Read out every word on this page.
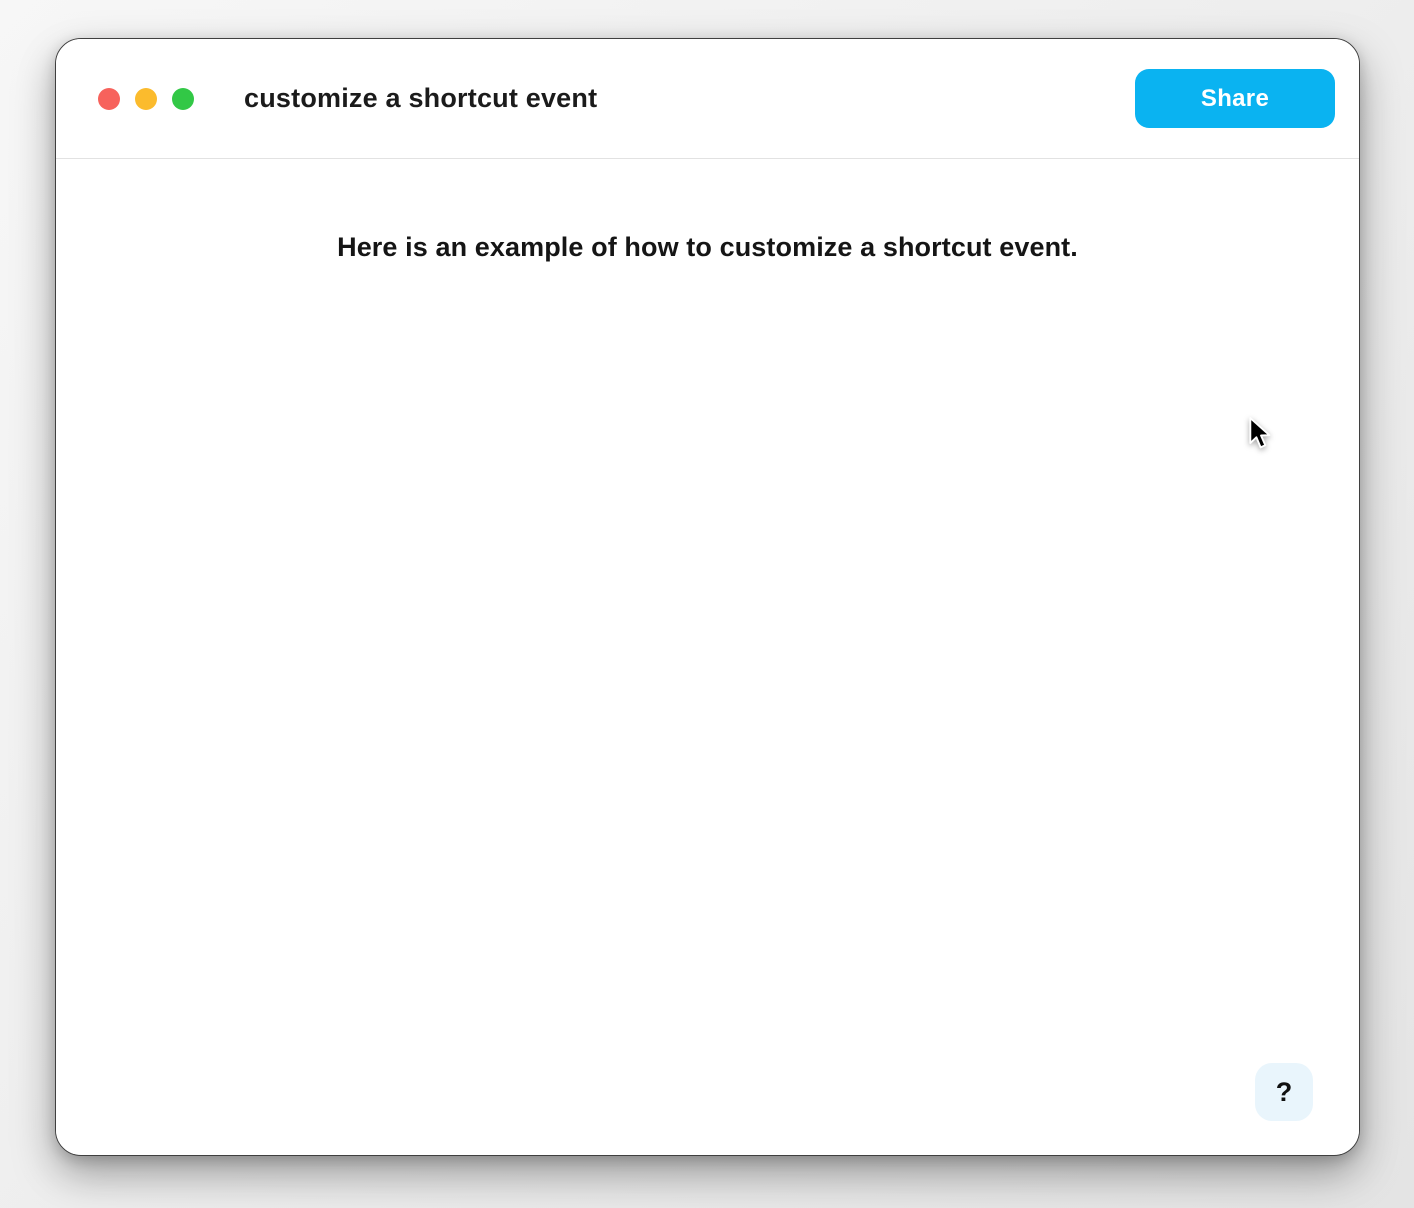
customize a shortcut event	Share
Here is an example of how to customize a shortcut event.
?
